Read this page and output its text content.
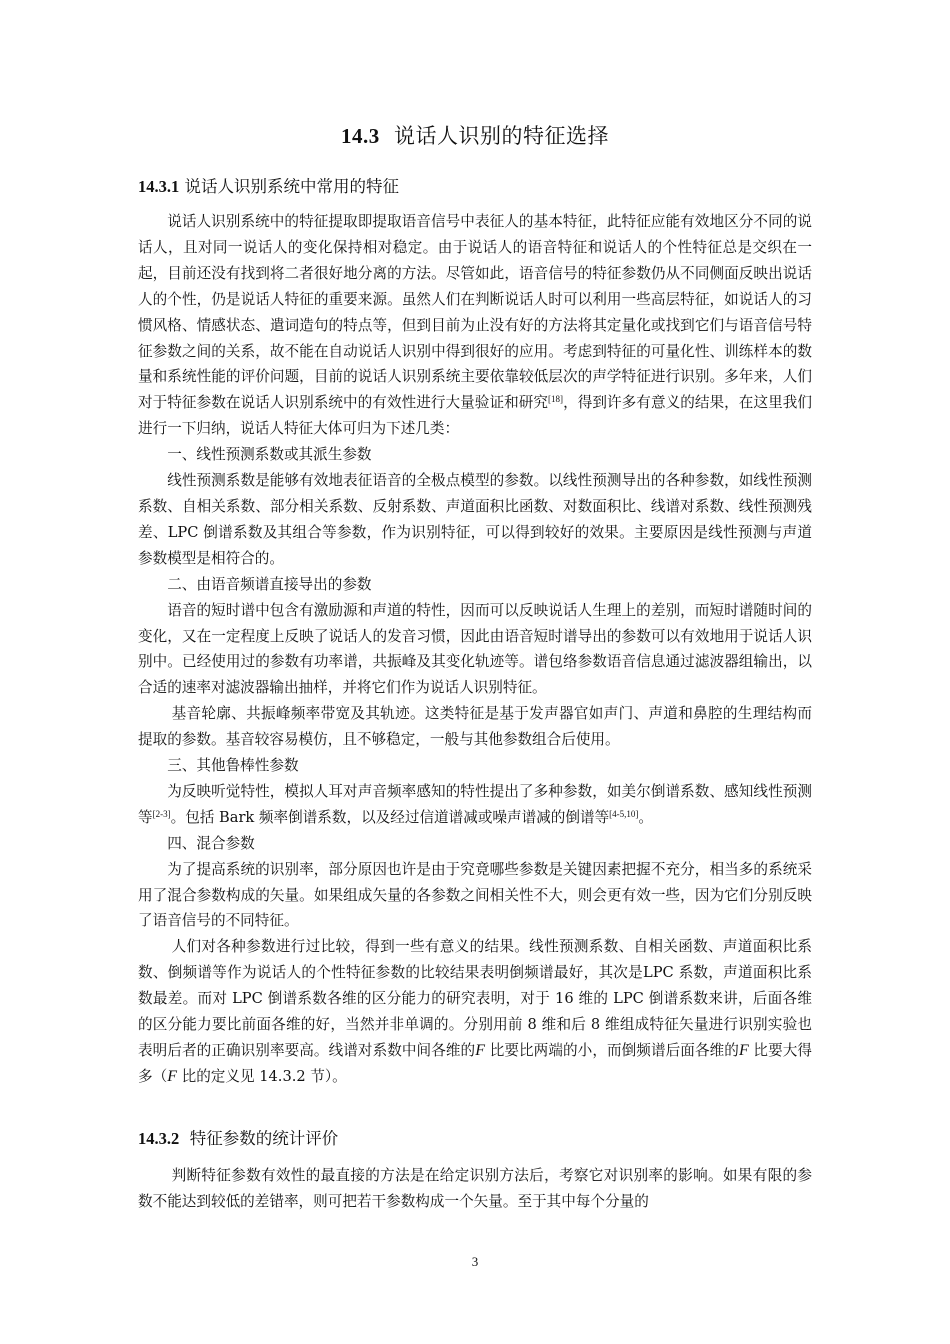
14.3 说话人识别的特征选择
14.3.1 说话人识别系统中常用的特征

说话人识别系统中的特征提取即提取语音信号中表征人的基本特征，此特征应能有效地区分不同的说话人，且对同一说话人的变化保持相对稳定。由于说话人的语音特征和说话人的个性特征总是交织在一起，目前还没有找到将二者很好地分离的方法。尽管如此，语音信号的特征参数仍从不同侧面反映出说话人的个性，仍是说话人特征的重要来源。虽然人们在判断说话人时可以利用一些高层特征，如说话人的习惯风格、情感状态、遣词造句的特点等，但到目前为止没有好的方法将其定量化或找到它们与语音信号特征参数之间的关系，故不能在自动说话人识别中得到很好的应用。考虑到特征的可量化性、训练样本的数量和系统性能的评价问题，目前的说话人识别系统主要依靠较低层次的声学特征进行识别。多年来，人们对于特征参数在说话人识别系统中的有效性进行大量验证和研究[18]，得到许多有意义的结果，在这里我们进行一下归纳，说话人特征大体可归为下述几类：

一、线性预测系数或其派生参数

线性预测系数是能够有效地表征语音的全极点模型的参数。以线性预测导出的各种参数，如线性预测系数、自相关系数、部分相关系数、反射系数、声道面积比函数、对数面积比、线谱对系数、线性预测残差、LPC 倒谱系数及其组合等参数，作为识别特征，可以得到较好的效果。主要原因是线性预测与声道参数模型是相符合的。

二、由语音频谱直接导出的参数

语音的短时谱中包含有激励源和声道的特性，因而可以反映说话人生理上的差别，而短时谱随时间的变化，又在一定程度上反映了说话人的发音习惯，因此由语音短时谱导出的参数可以有效地用于说话人识别中。已经使用过的参数有功率谱，共振峰及其变化轨迹等。谱包络参数语音信息通过滤波器组输出，以合适的速率对滤波器输出抽样，并将它们作为说话人识别特征。

基音轮廓、共振峰频率带宽及其轨迹。这类特征是基于发声器官如声门、声道和鼻腔的生理结构而提取的参数。基音较容易模仿，且不够稳定，一般与其他参数组合后使用。

三、其他鲁棒性参数

为反映听觉特性，模拟人耳对声音频率感知的特性提出了多种参数，如美尔倒谱系数、感知线性预测等[2-3]。包括 Bark 频率倒谱系数，以及经过信道谱减或噪声谱减的倒谱等[4-5,10]。

四、混合参数

为了提高系统的识别率，部分原因也许是由于究竟哪些参数是关键因素把握不充分，相当多的系统采用了混合参数构成的矢量。如果组成矢量的各参数之间相关性不大，则会更有效一些，因为它们分别反映了语音信号的不同特征。

人们对各种参数进行过比较，得到一些有意义的结果。线性预测系数、自相关函数、声道面积比系数、倒频谱等作为说话人的个性特征参数的比较结果表明倒频谱最好，其次是LPC 系数，声道面积比系数最差。而对 LPC 倒谱系数各维的区分能力的研究表明，对于 16 维的 LPC 倒谱系数来讲，后面各维的区分能力要比前面各维的好，当然并非单调的。分别用前 8 维和后 8 维组成特征矢量进行识别实验也表明后者的正确识别率要高。线谱对系数中间各维的F 比要比两端的小，而倒频谱后面各维的F 比要大得多（F 比的定义见 14.3.2 节）。

14.3.2 特征参数的统计评价

判断特征参数有效性的最直接的方法是在给定识别方法后，考察它对识别率的影响。如果有限的参数不能达到较低的差错率，则可把若干参数构成一个矢量。至于其中每个分量的

3
